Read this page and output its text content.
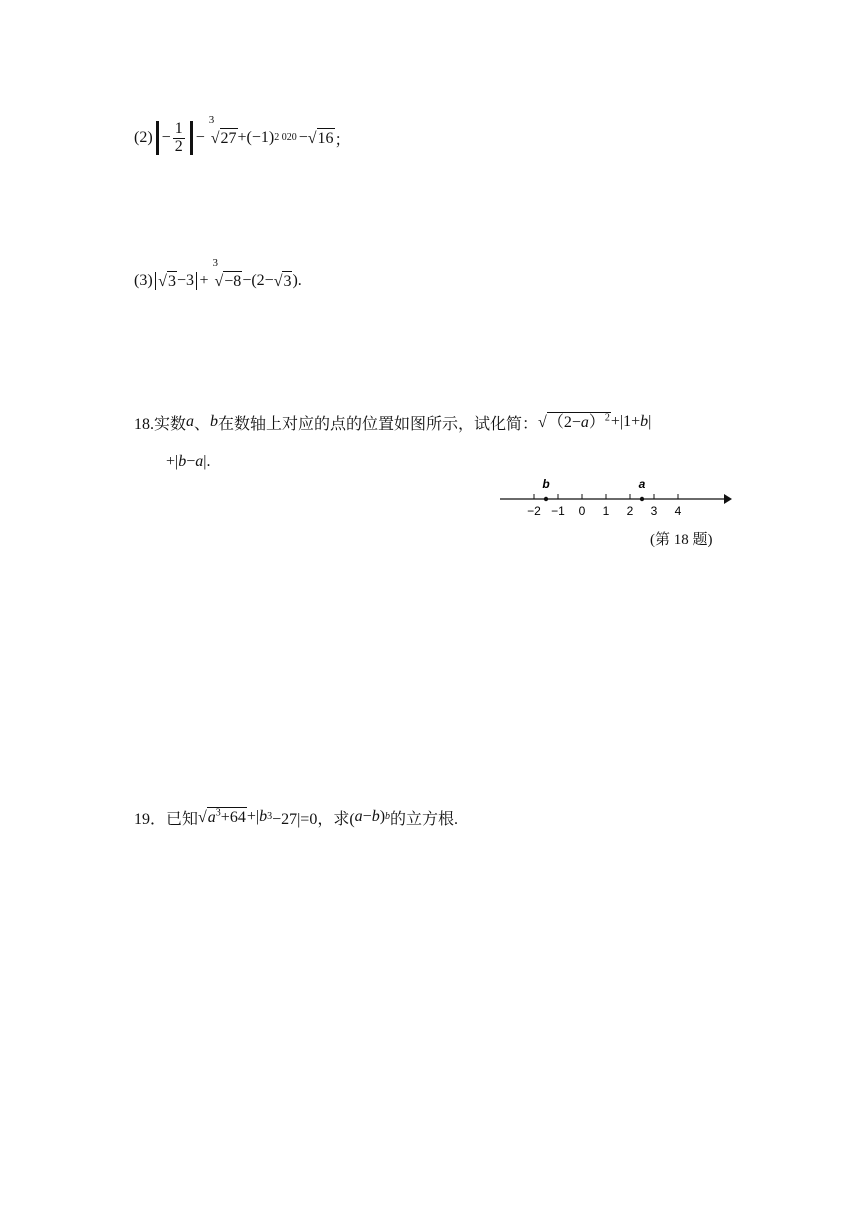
$(2) - \frac{1}{2}$ −
3
√ 27 +(−1) 2 020 − √ 16 ；
(3) √ 3 −3 +
3
√ −8 −(2− √ 3 ).
18.实数 a 、 b 在数轴上对应的点的位置如图所示，试化简： √ $(2-a)^2 +|1+ b$ |
+| b − a |.
−2 −1 0 1 2 3 4
b	a
(第 18 题)
19．已知 √ $a^3+64$ +| b 3 −27|=0，求( a − b ) b 的立方根.
